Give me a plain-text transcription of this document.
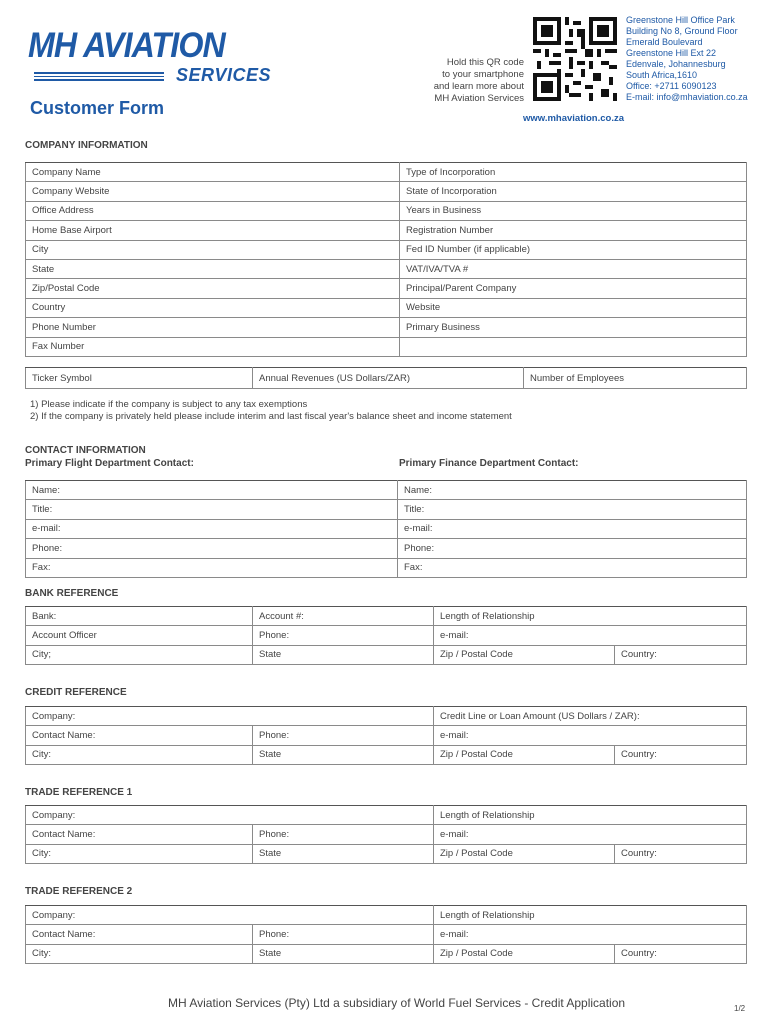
MH AVIATION
SERVICES
Hold this QR code
to your smartphone
and learn more about
MH Aviation Services
Greenstone Hill Office Park
Building No 8, Ground Floor
Emerald Boulevard
Greenstone Hill Ext 22
Edenvale, Johannesburg
South Africa,1610
Office: +2711 6090123
E-mail: info@mhaviation.co.za
Customer Form
www.mhaviation.co.za
COMPANY INFORMATION
Company Name	Type of Incorporation
Company Website	State of Incorporation
Office Address	Years in Business
Home Base Airport	Registration Number
City	Fed ID Number (if applicable)
State	VAT/IVA/TVA #
Zip/Postal Code	Principal/Parent Company
Country	Website
Phone Number	Primary Business
Fax Number	
Ticker Symbol	Annual Revenues (US Dollars/ZAR)	Number of Employees
1) Please indicate if the company is subject to any tax exemptions
2) If the company is privately held please include interim and last fiscal year's balance sheet and income statement
CONTACT INFORMATION
Primary Flight Department Contact:	Primary Finance Department Contact:
Name:	Name:
Title:	Title:
e-mail:	e-mail:
Phone:	Phone:
Fax:	Fax:
BANK REFERENCE
Bank:	Account #:	Length of Relationship	
Account Officer	Phone:	e-mail:	
City;	State	Zip / Postal Code	Country:
CREDIT REFERENCE
Company:		Credit Line or Loan Amount (US Dollars / ZAR):	
Contact Name:	Phone:	e-mail:	
City:	State	Zip / Postal Code	Country:
TRADE REFERENCE 1
Company:		Length of Relationship	
Contact Name:	Phone:	e-mail:	
City:	State	Zip / Postal Code	Country:
TRADE REFERENCE 2
Company:		Length of Relationship	
Contact Name:	Phone:	e-mail:	
City:	State	Zip / Postal Code	Country:
MH Aviation Services (Pty) Ltd a subsidiary of World Fuel Services - Credit Application	1/2
